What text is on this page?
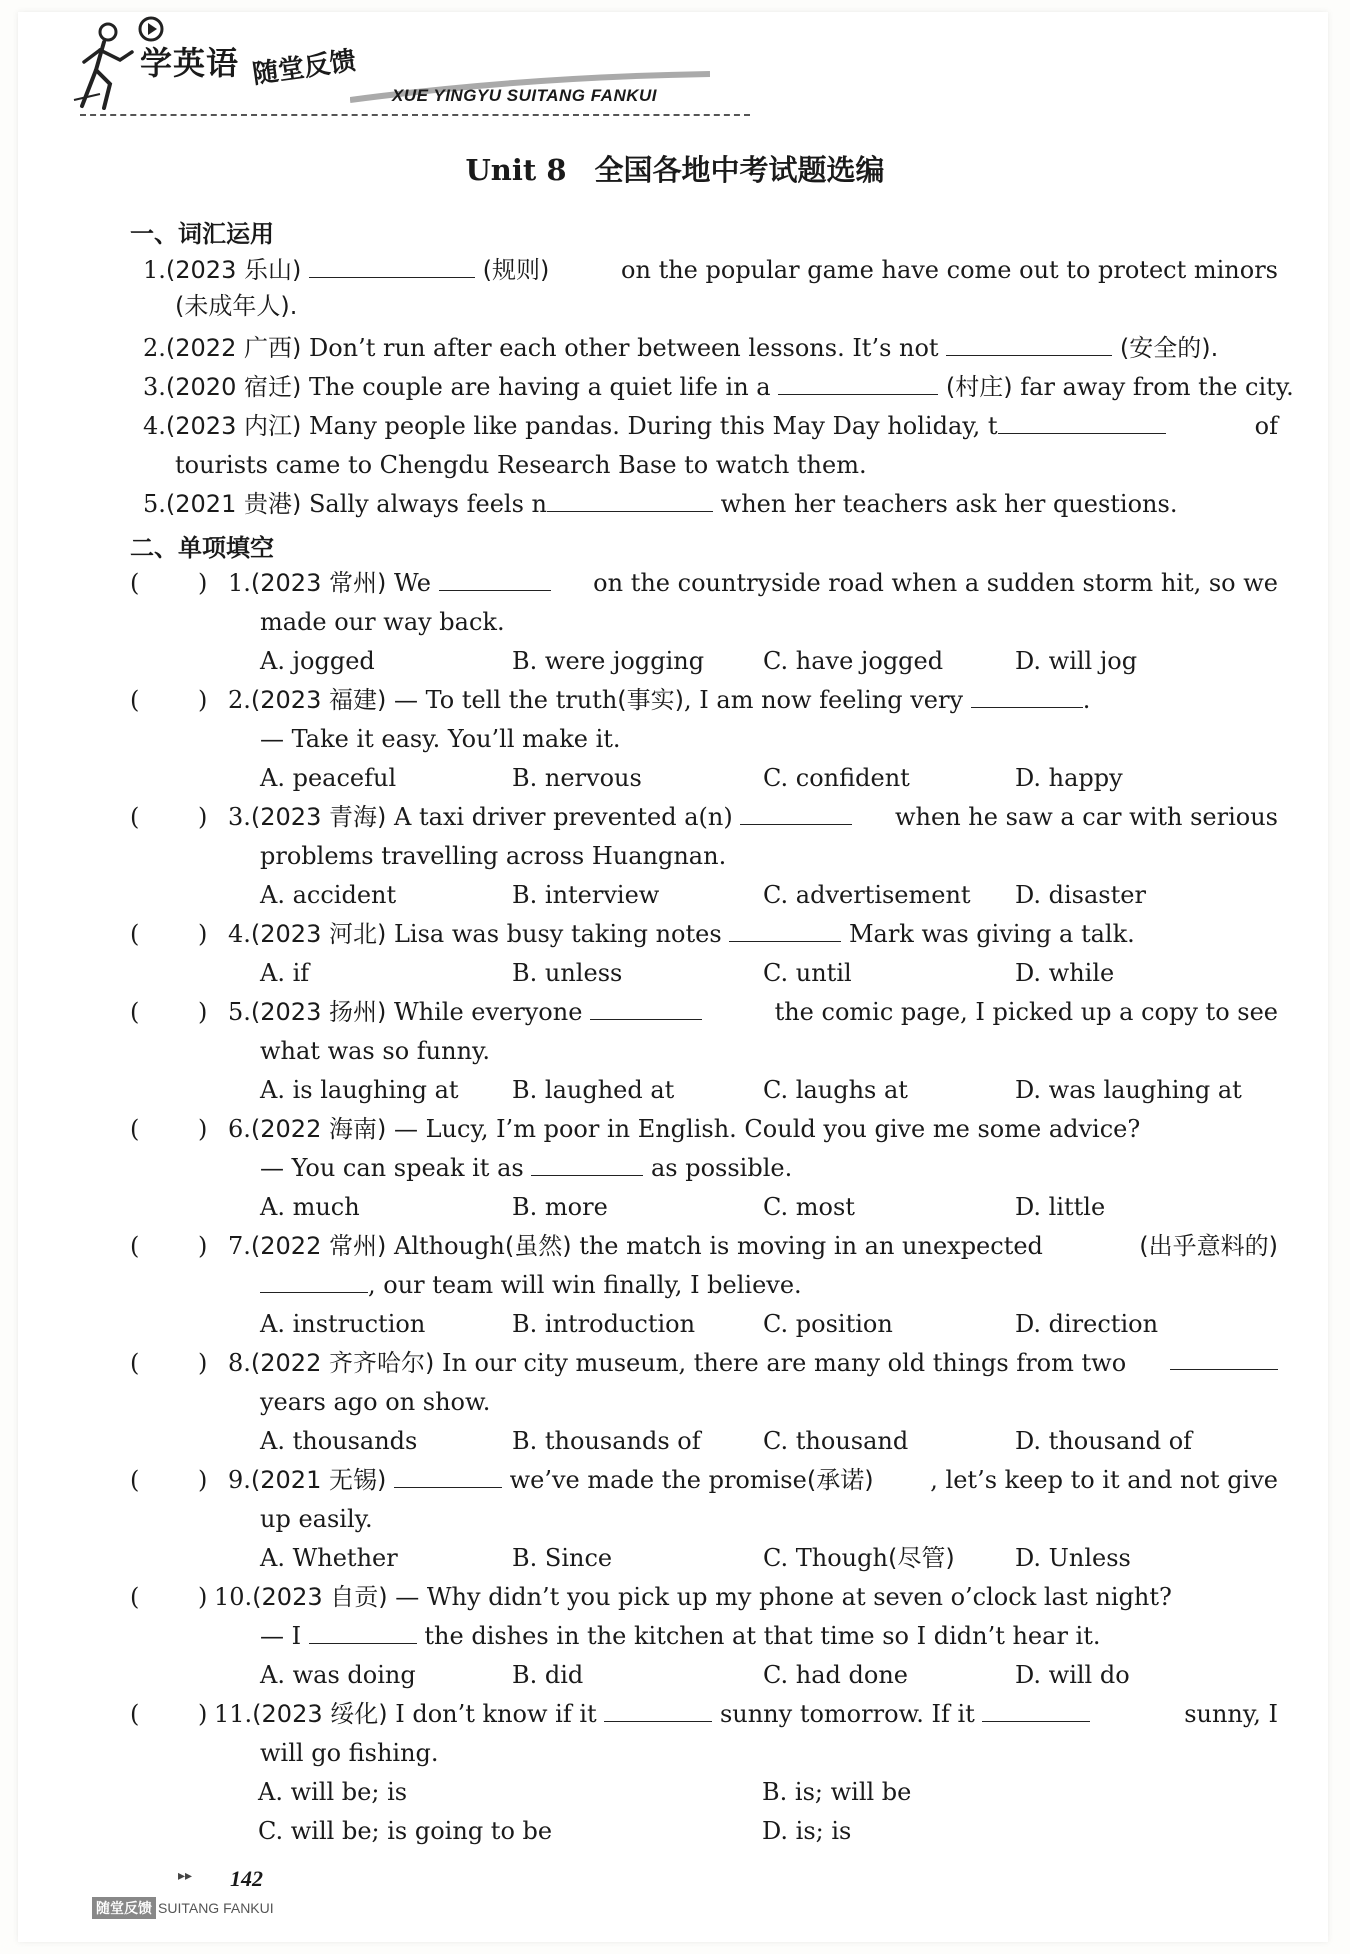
学英语 随堂反馈
XUE YINGYU SUITANG FANKUI
Unit 8 全国各地中考试题选编
一、词汇运用
1.(2023 乐山)	(规则)	on the popular game have come out to protect minors
(未成年人).
2.(2022 广西) Don’t run after each other between lessons. It’s not	(安全的).
3.(2020 宿迁) The couple are having a quiet life in a	(村庄) far away from the city.
4.(2023 内江) Many people like pandas. During this May Day holiday, t	of
tourists came to Chengdu Research Base to watch them.
5.(2021 贵港) Sally always feels n	when her teachers ask her questions.
二、单项填空
( ) 1.(2023 常州) We	on the countryside road when a sudden storm hit, so we
made our way back.
A. jogged	B. were jogging C. have jogged	D. will jog
( ) 2.(2023 福建) — To tell the truth(事实), I am now feeling very	.
— Take it easy. You’ll make it.
A. peaceful	B. nervous	C. confident	D. happy
( ) 3.(2023 青海) A taxi driver prevented a(n)	when he saw a car with serious
problems travelling across Huangnan.
A. accident	B. interview	C. advertisement D. disaster
( ) 4.(2023 河北) Lisa was busy taking notes	Mark was giving a talk.
A. if	B. unless	C. until	D. while
( ) 5.(2023 扬州) While everyone	the comic page, I picked up a copy to see
what was so funny.
A. is laughing at B. laughed at	C. laughs at	D. was laughing at
( ) 6.(2022 海南) — Lucy, I’m poor in English. Could you give me some advice?
— You can speak it as	as possible.
A. much	B. more	C. most	D. little
( ) 7.(2022 常州) Although(虽然) the match is moving in an unexpected	(出乎意料的)
, our team will win finally, I believe.
A. instruction	B. introduction	C. position	D. direction
( ) 8.(2022 齐齐哈尔) In our city museum, there are many old things from two
years ago on show.
A. thousands	B. thousands of	C. thousand	D. thousand of
( ) 9.(2021 无锡)	we’ve made the promise(承诺) , let’s keep to it and not give
up easily.
A. Whether	B. Since	C. Though(尽管)	D. Unless
( ) 10.(2023 自贡) — Why didn’t you pick up my phone at seven o’clock last night?
— I	the dishes in the kitchen at that time so I didn’t hear it.
A. was doing	B. did	C. had done	D. will do
( ) 11.(2023 绥化) I don’t know if it	sunny tomorrow. If it	sunny, I
will go fishing.
A. will be; is	B. is; will be
C. will be; is going to be	D. is; is
▸▸ 142
随堂反馈 SUITANG FANKUI
